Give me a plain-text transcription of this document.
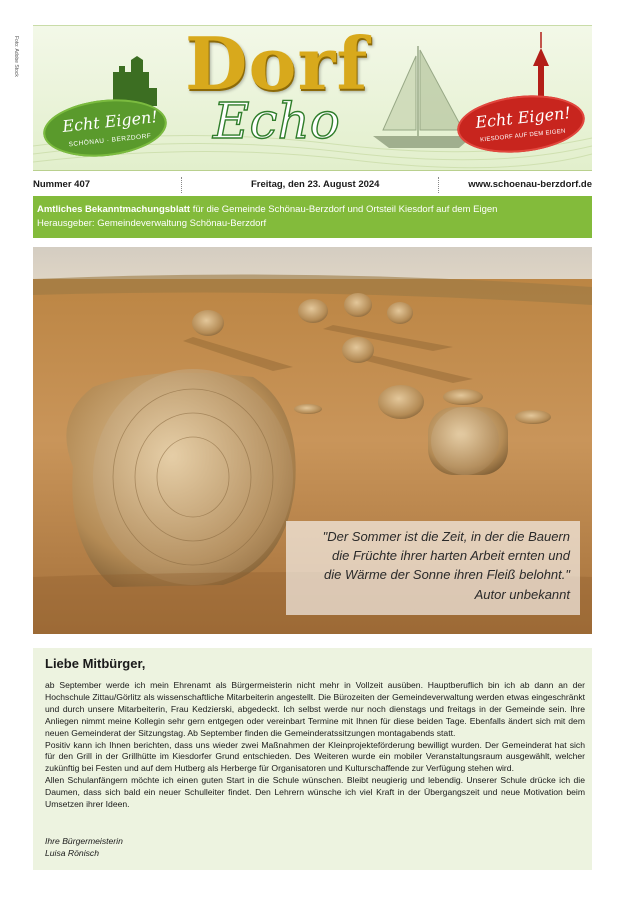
Foto: Adobe Stock Dorf
Echo
Echt Eigen!
SCHÖNAU · BERZDORF
Echt Eigen!
KIESDORF AUF DEM EIGEN
Nummer 407	Freitag, den 23. August 2024	www.schoenau-berzdorf.de
Amtliches Bekanntmachungsblatt für die Gemeinde Schönau-Berzdorf und Ortsteil Kiesdorf auf dem Eigen
Herausgeber: Gemeindeverwaltung Schönau-Berzdorf

"Der Sommer ist die Zeit, in der die Bauern

die Früchte ihrer harten Arbeit ernten und

die Wärme der Sonne ihren Fleiß belohnt."

Autor unbekannt

Liebe Mitbürger,
ab September werde ich mein Ehrenamt als Bürgermeisterin nicht mehr in Vollzeit ausüben. Hauptberuflich bin ich ab dann an der Hochschule Zittau/Görlitz als wissenschaftliche Mitarbeiterin angestellt. Die Bürozeiten der Gemeindeverwaltung werden etwas eingeschränkt und durch unsere Mitarbeiterin, Frau Kedzierski, abgedeckt. Ich selbst werde nur noch dienstags und freitags in der Gemeinde sein. Ihre Anliegen nimmt meine Kollegin sehr gern entgegen oder vereinbart Termine mit Ihnen für diese beiden Tage. Ebenfalls ändert sich mit dem neuen Gemeinderat der Sitzungstag. Ab September finden die Gemeinderatssitzungen montagabends statt.
Positiv kann ich Ihnen berichten, dass uns wieder zwei Maßnahmen der Kleinprojekteförderung bewilligt wurden. Der Gemeinderat hat sich für den Grill in der Grillhütte im Kiesdorfer Grund entschieden. Des Weiteren wurde ein mobiler Veranstaltungsraum ausgewählt, welcher zukünftig bei Festen und auf dem Hutberg als Herberge für Organisatoren und Kulturschaffende zur Verfügung stehen wird.
Allen Schulanfängern möchte ich einen guten Start in die Schule wünschen. Bleibt neugierig und lebendig. Unserer Schule drücke ich die Daumen, dass sich bald ein neuer Schulleiter findet. Den Lehrern wünsche ich viel Kraft in der Übergangszeit und neue Motivation beim Umsetzen ihrer Ideen.
Ihre Bürgermeisterin
Luisa Rönisch
